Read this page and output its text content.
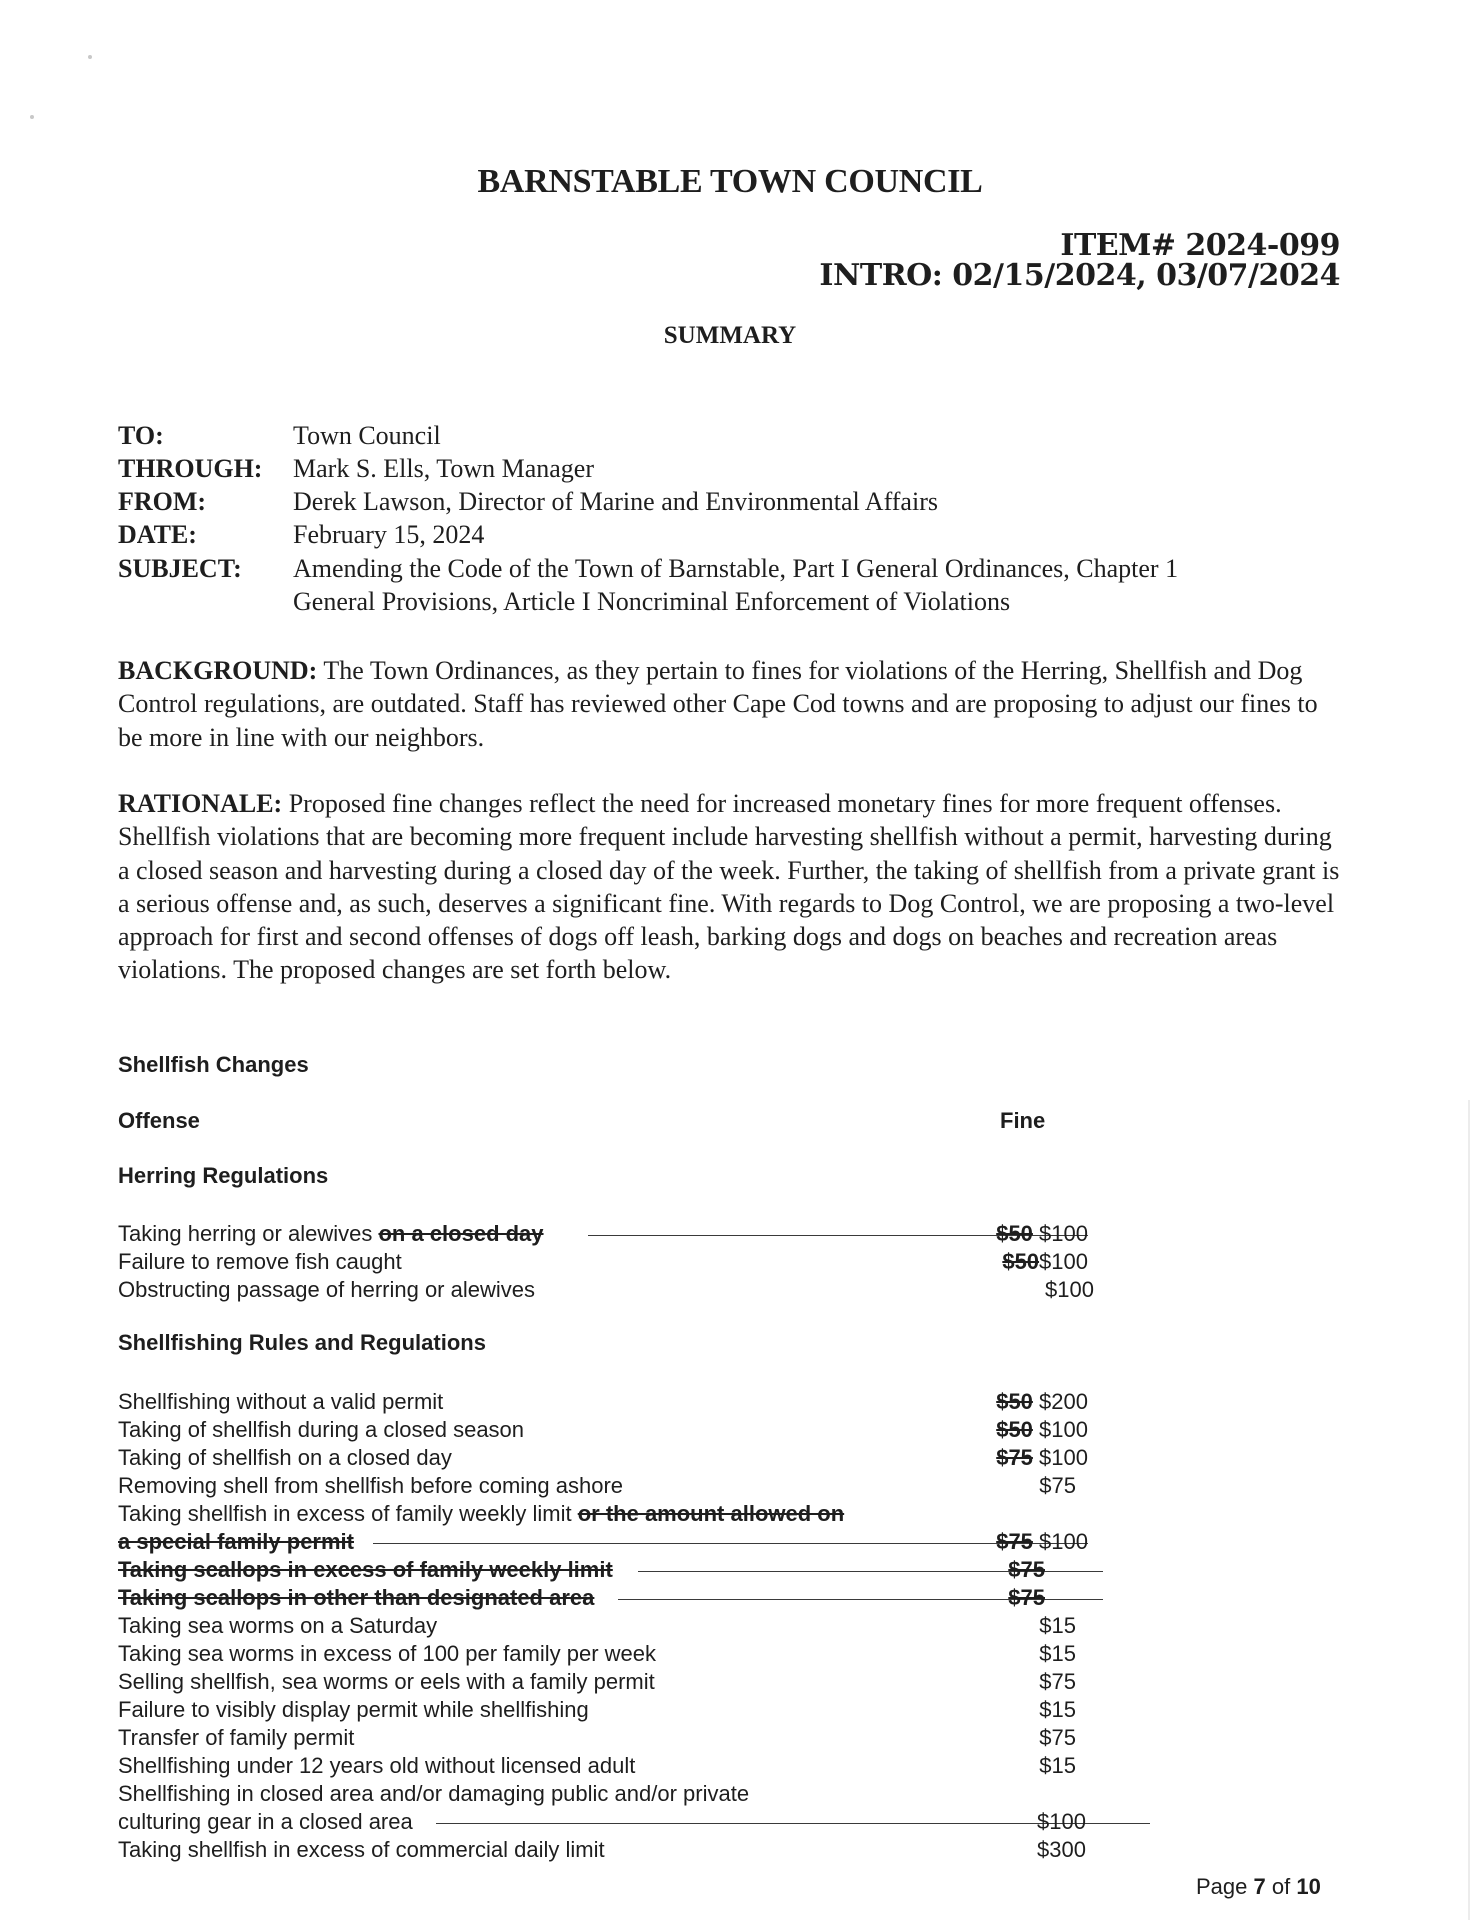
BARNSTABLE TOWN COUNCIL
ITEM# 2024-099
INTRO: 02/15/2024, 03/07/2024
SUMMARY
TO:	Town Council
THROUGH: Mark S. Ells, Town Manager
FROM:	Derek Lawson, Director of Marine and Environmental Affairs
DATE:	February 15, 2024
SUBJECT: Amending the Code of the Town of Barnstable, Part I General Ordinances, Chapter 1
General Provisions, Article I Noncriminal Enforcement of Violations
BACKGROUND: The Town Ordinances, as they pertain to fines for violations of the Herring, Shellfish and Dog Control regulations, are outdated. Staff has reviewed other Cape Cod towns and are proposing to adjust our fines to be more in line with our neighbors.
RATIONALE: Proposed fine changes reflect the need for increased monetary fines for more frequent offenses. Shellfish violations that are becoming more frequent include harvesting shellfish without a permit, harvesting during a closed season and harvesting during a closed day of the week. Further, the taking of shellfish from a private grant is a serious offense and, as such, deserves a significant fine. With regards to Dog Control, we are proposing a two-level approach for first and second offenses of dogs off leash, barking dogs and dogs on beaches and recreation areas violations. The proposed changes are set forth below.
Shellfish Changes
Offense	Fine
Herring Regulations
Taking herring or alewives on a closed day	$50 $100
Failure to remove fish caught	$50$100
Obstructing passage of herring or alewives	$100
Shellfishing Rules and Regulations
Shellfishing without a valid permit	$50 $200
Taking of shellfish during a closed season	$50 $100
Taking of shellfish on a closed day	$75 $100
Removing shell from shellfish before coming ashore	$75
Taking shellfish in excess of family weekly limit or the amount allowed on
a special family permit	$75 $100
Taking scallops in excess of family weekly limit	$75
Taking scallops in other than designated area	$75
Taking sea worms on a Saturday	$15
Taking sea worms in excess of 100 per family per week	$15
Selling shellfish, sea worms or eels with a family permit	$75
Failure to visibly display permit while shellfishing	$15
Transfer of family permit	$75
Shellfishing under 12 years old without licensed adult	$15
Shellfishing in closed area and/or damaging public and/or private
culturing gear in a closed area	$100
Taking shellfish in excess of commercial daily limit	$300
Page 7 of 10
